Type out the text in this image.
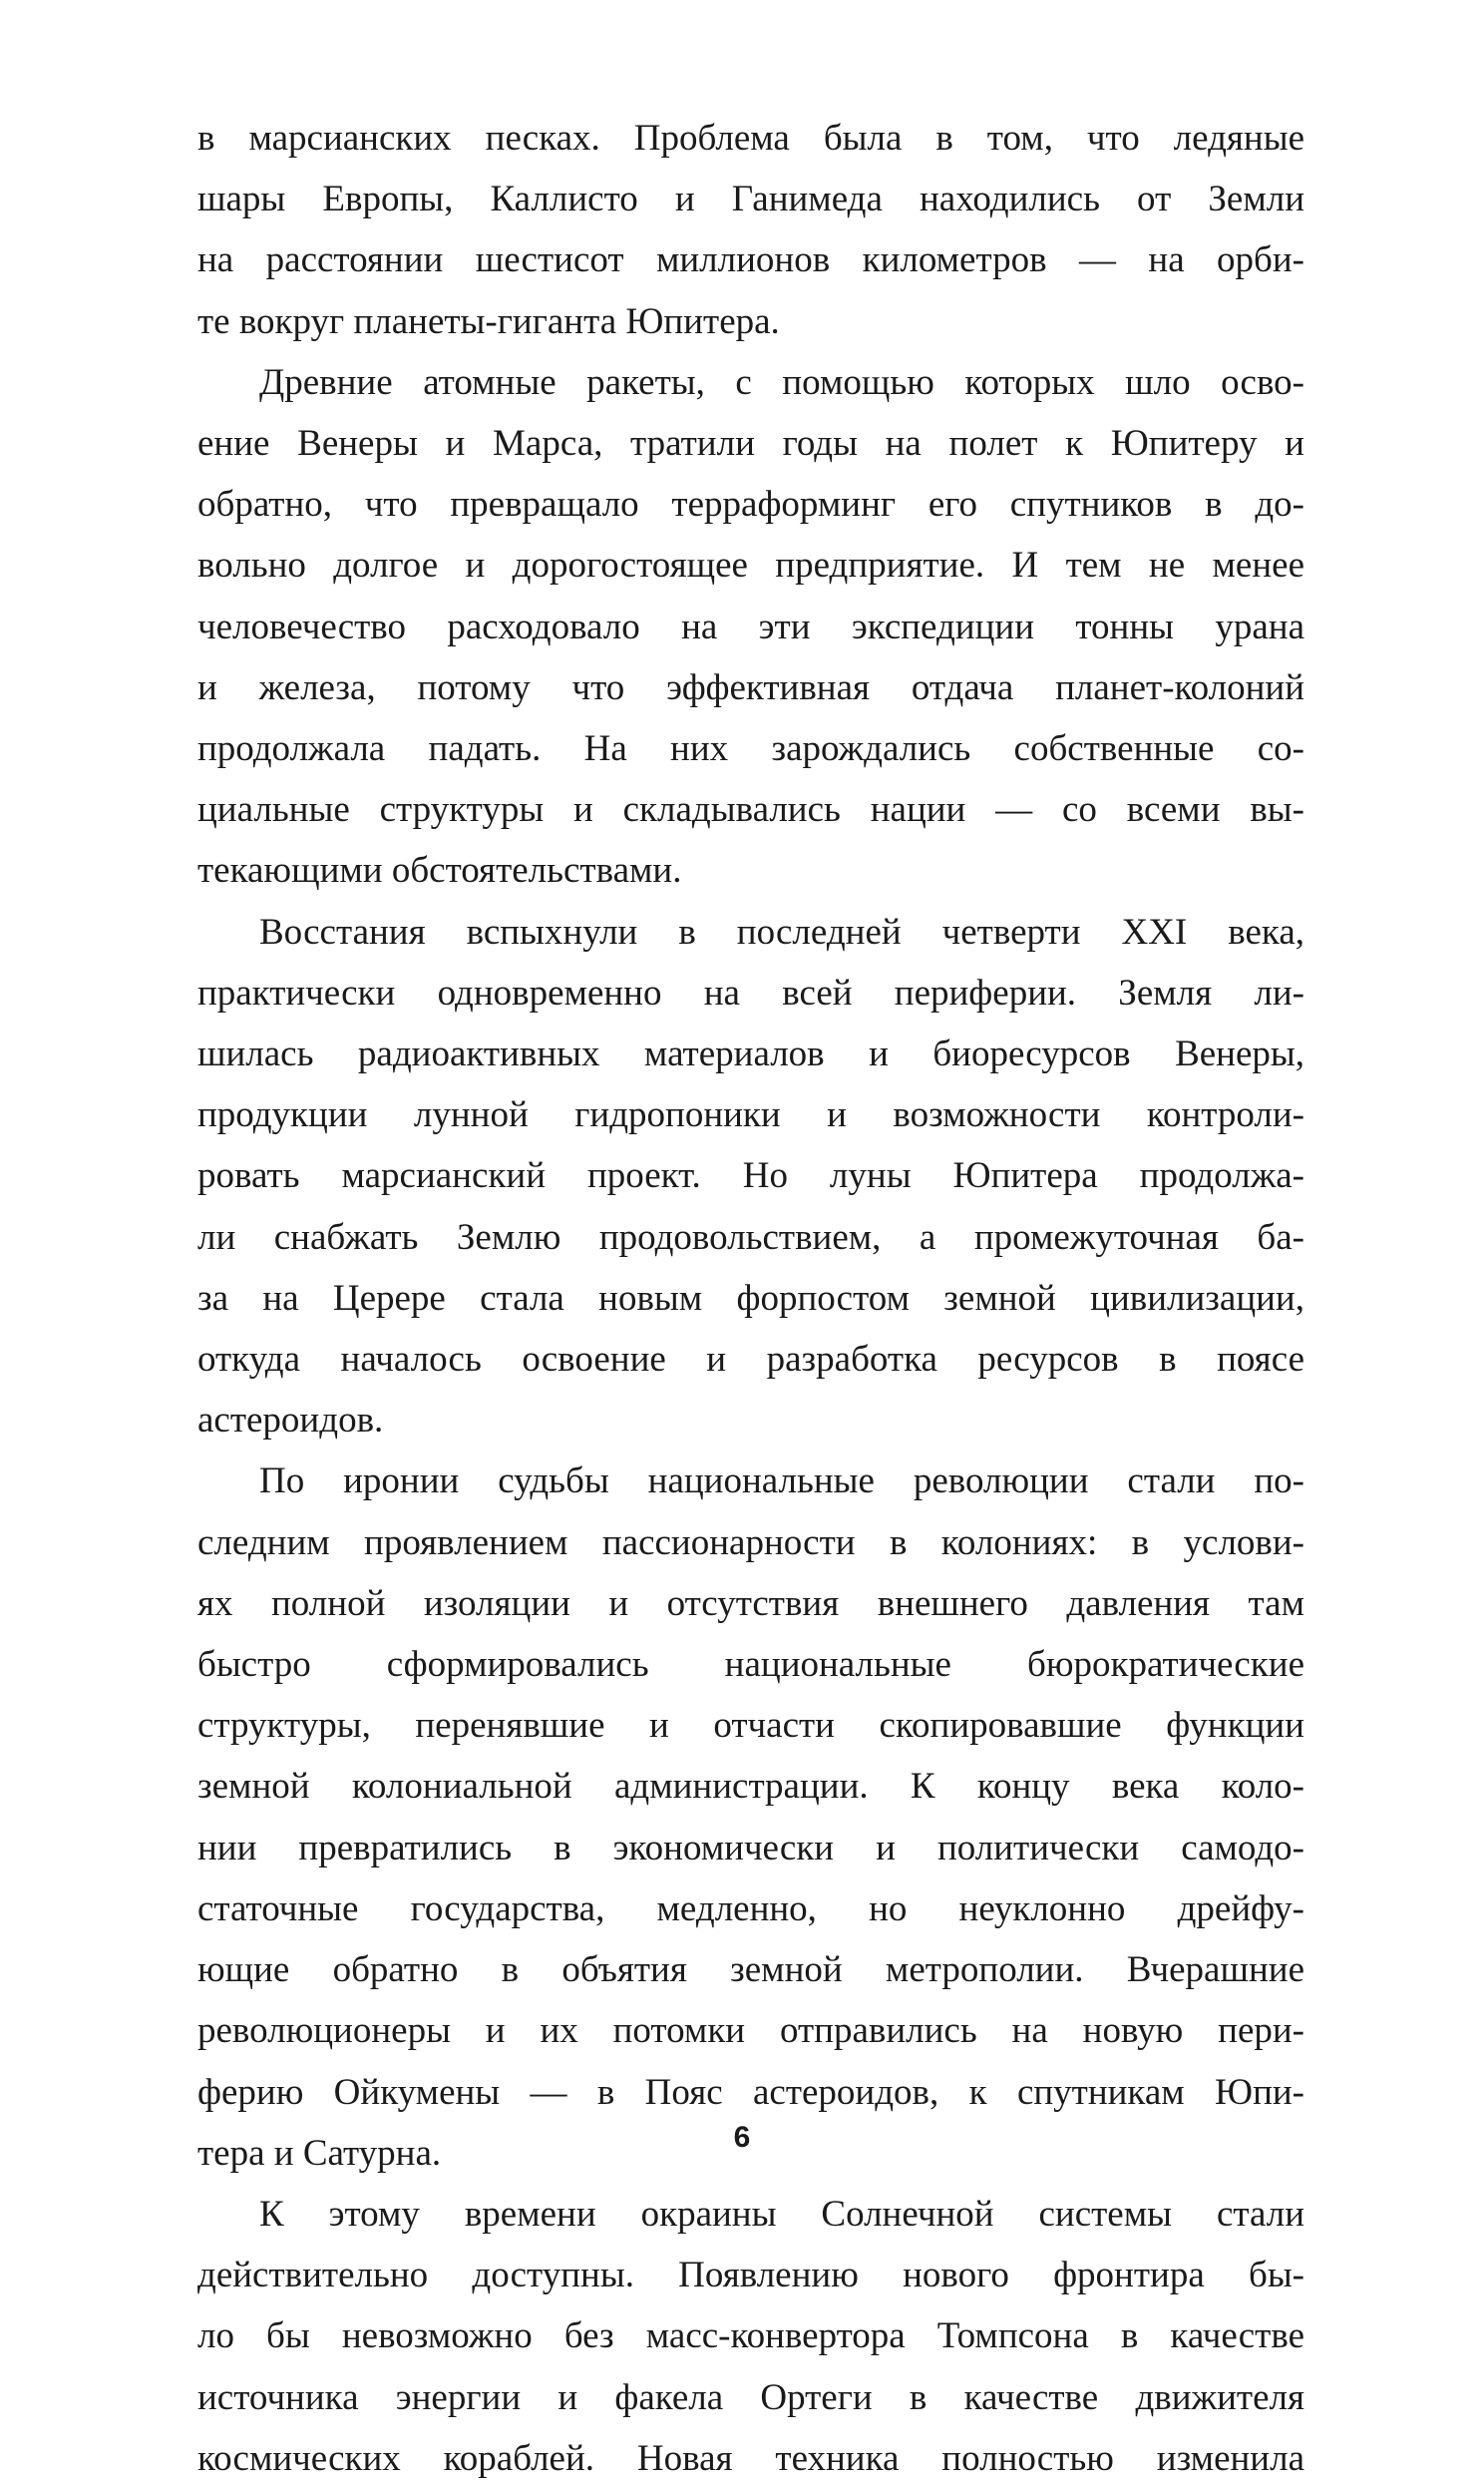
в марсианских песках. Проблема была в том, что ледяные
шары Европы, Каллисто и Ганимеда находились от Земли
на расстоянии шестисот миллионов километров — на орби-
те вокруг планеты-гиганта Юпитера.
Древние атомные ракеты, с помощью которых шло осво-
ение Венеры и Марса, тратили годы на полет к Юпитеру и
обратно, что превращало терраформинг его спутников в до-
вольно долгое и дорогостоящее предприятие. И тем не менее
человечество расходовало на эти экспедиции тонны урана
и железа, потому что эффективная отдача планет-колоний
продолжала падать. На них зарождались собственные со-
циальные структуры и складывались нации — со всеми вы-
текающими обстоятельствами.
Восстания вспыхнули в последней четверти XXI века,
практически одновременно на всей периферии. Земля ли-
шилась радиоактивных материалов и биоресурсов Венеры,
продукции лунной гидропоники и возможности контроли-
ровать марсианский проект. Но луны Юпитера продолжа-
ли снабжать Землю продовольствием, а промежуточная ба-
за на Церере стала новым форпостом земной цивилизации,
откуда началось освоение и разработка ресурсов в поясе
астероидов.
По иронии судьбы национальные революции стали по-
следним проявлением пассионарности в колониях: в услови-
ях полной изоляции и отсутствия внешнего давления там
быстро сформировались национальные бюрократические
структуры, перенявшие и отчасти скопировавшие функции
земной колониальной администрации. К концу века коло-
нии превратились в экономически и политически самодо-
статочные государства, медленно, но неуклонно дрейфу-
ющие обратно в объятия земной метрополии. Вчерашние
революционеры и их потомки отправились на новую пери-
ферию Ойкумены — в Пояс астероидов, к спутникам Юпи-
тера и Сатурна.
К этому времени окраины Солнечной системы стали
действительно доступны. Появлению нового фронтира бы-
ло бы невозможно без масс-конвертора Томпсона в качестве
источника энергии и факела Ортеги в качестве движителя
космических кораблей. Новая техника полностью изменила
6
